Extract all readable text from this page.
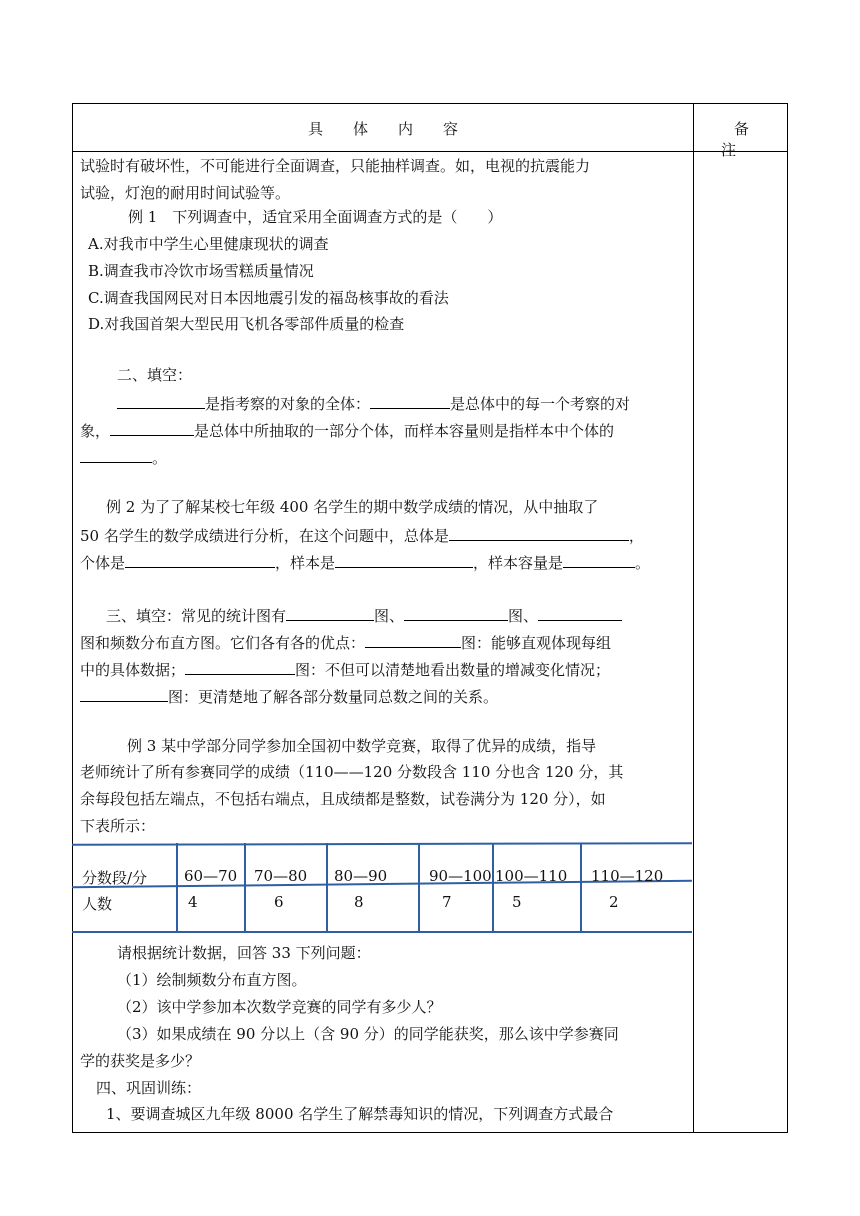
具体内容	备注
试验时有破坏性，不可能进行全面调查，只能抽样调查。如，电视的抗震能力
试验，灯泡的耐用时间试验等。
例 1　下列调查中，适宜采用全面调查方式的是（　　）
A.对我市中学生心里健康现状的调查
B.调查我市冷饮市场雪糕质量情况
C.调查我国网民对日本因地震引发的福岛核事故的看法
D.对我国首架大型民用飞机各零部件质量的检查
二、填空：
是指考察的对象的全体：	是总体中的每一个考察的对
象，	是总体中所抽取的一部分个体，而样本容量则是指样本中个体的
。
例 2 为了了解某校七年级 400 名学生的期中数学成绩的情况，从中抽取了
50 名学生的数学成绩进行分析，在这个问题中，总体是	，
个体是	，样本是	，样本容量是	。
三、填空：常见的统计图有	图、	图、
图和频数分布直方图。它们各有各的优点：	图：能够直观体现每组
中的具体数据；	图：不但可以清楚地看出数量的增减变化情况；
图：更清楚地了解各部分数量同总数之间的关系。
例 3 某中学部分同学参加全国初中数学竞赛，取得了优异的成绩，指导
老师统计了所有参赛同学的成绩（110——120 分数段含 110 分也含 120 分，其
余每段包括左端点，不包括右端点，且成绩都是整数，试卷满分为 120 分），如
下表所示：
分数段/分 60—70 70—80 80—90	90—100 100—110 110—120
人数	4	6	8	7	5	2
请根据统计数据，回答 33 下列问题：
（1）绘制频数分布直方图。
（2）该中学参加本次数学竞赛的同学有多少人？
（3）如果成绩在 90 分以上（含 90 分）的同学能获奖，那么该中学参赛同
学的获奖是多少？
四、巩固训练：
1、要调查城区九年级 8000 名学生了解禁毒知识的情况，下列调查方式最合
